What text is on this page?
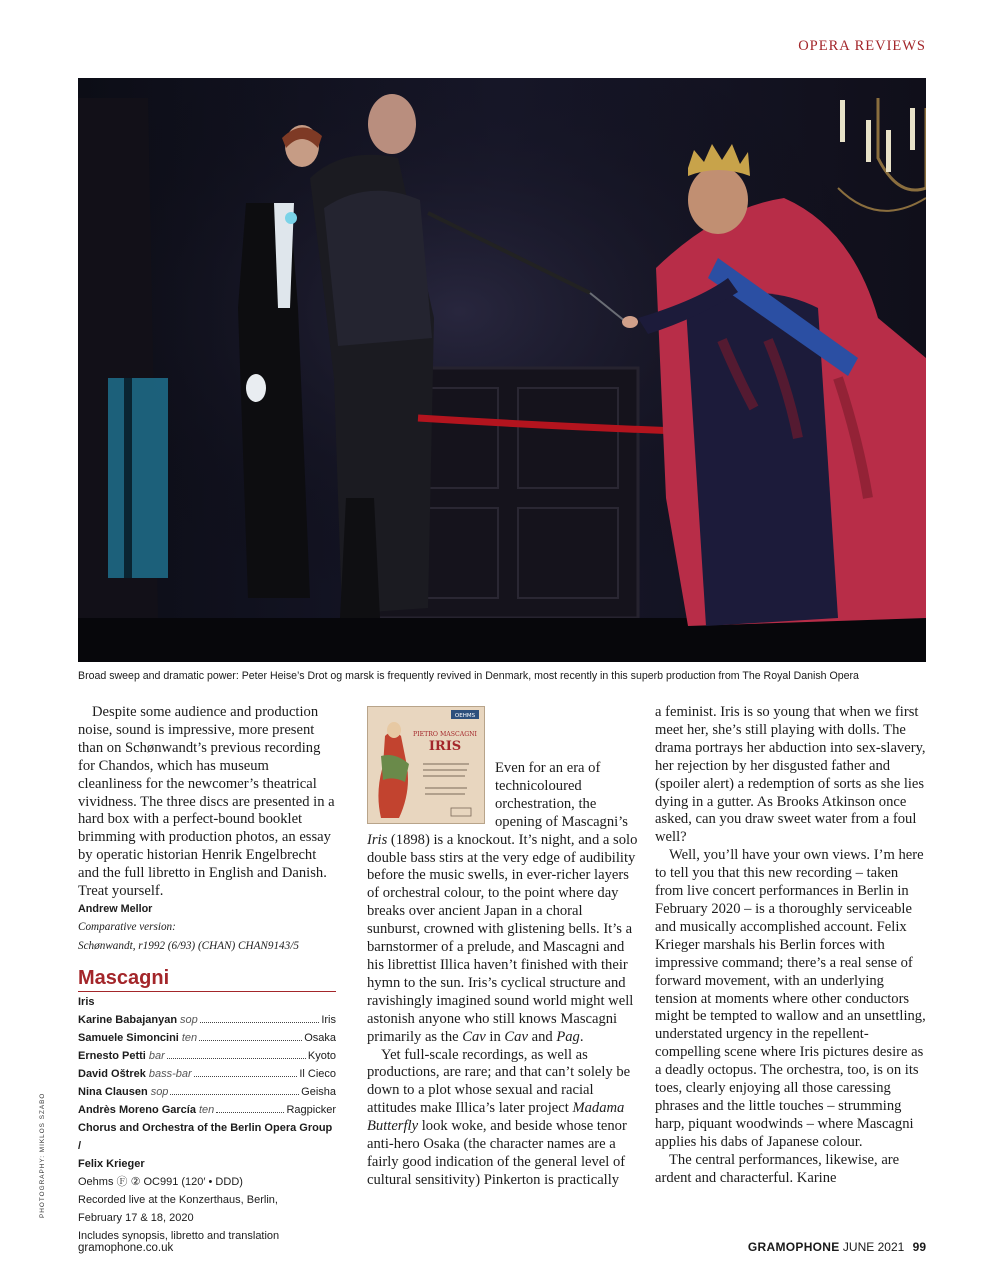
OPERA REVIEWS
Broad sweep and dramatic power: Peter Heise’s Drot og marsk is frequently revived in Denmark, most recently in this superb production from The Royal Danish Opera
PHOTOGRAPHY: MIKLOS SZABO

Despite some audience and production noise, sound is impressive, more present than on Schønwandt’s previous recording for Chandos, which has museum cleanliness for the newcomer’s theatrical vividness. The three discs are presented in a hard box with a perfect-bound booklet brimming with production photos, an essay by operatic historian Henrik Engelbrecht and the full libretto in English and Danish. Treat yourself.

Andrew Mellor
Comparative version:
Schønwandt, r1992 (6/93) (CHAN) CHAN9143/5
Mascagni
Iris
Karine Babajanyan sop	Iris
Samuele Simoncini ten	Osaka
Ernesto Petti bar	Kyoto
David Oštrek bass-bar	Il Cieco
Nina Clausen sop	Geisha
Andrès Moreno García ten	Ragpicker
Chorus and Orchestra of the Berlin Opera Group /
Felix Krieger
Oehms Ⓕ ② OC991 (120′ • DDD)
Recorded live at the Konzerthaus, Berlin,
February 17 & 18, 2020
Includes synopsis, libretto and translation
OEHMS
PIETRO MASCAGNI
IRIS

Even for an era of technicoloured orchestration, the opening of Mascagni’s Iris (1898) is a knockout. It’s night, and a solo double bass stirs at the very edge of audibility before the music swells, in ever-richer layers of orchestral colour, to the point where day breaks over ancient Japan in a choral sunburst, crowned with glistening bells. It’s a barnstormer of a prelude, and Mascagni and his librettist Illica haven’t finished with their hymn to the sun. Iris’s cyclical structure and ravishingly imagined sound world might well astonish anyone who still knows Mascagni primarily as the Cav in Cav and Pag.

Yet full-scale recordings, as well as productions, are rare; and that can’t solely be down to a plot whose sexual and racial attitudes make Illica’s later project Madama Butterfly look woke, and beside whose tenor anti-hero Osaka (the character names are a fairly good indication of the general level of cultural sensitivity) Pinkerton is practically

a feminist. Iris is so young that when we first meet her, she’s still playing with dolls. The drama portrays her abduction into sex-slavery, her rejection by her disgusted father and (spoiler alert) a redemption of sorts as she lies dying in a gutter. As Brooks Atkinson once asked, can you draw sweet water from a foul well?

Well, you’ll have your own views. I’m here to tell you that this new recording – taken from live concert performances in Berlin in February 2020 – is a thoroughly serviceable and musically accomplished account. Felix Krieger marshals his Berlin forces with impressive command; there’s a real sense of forward movement, with an underlying tension at moments where other conductors might be tempted to wallow and an unsettling, understated urgency in the repellent-compelling scene where Iris pictures desire as a deadly octopus. The orchestra, too, is on its toes, clearly enjoying all those caressing phrases and the little touches – strumming harp, piquant woodwinds – where Mascagni applies his dabs of Japanese colour.

The central performances, likewise, are ardent and characterful. Karine

gramophone.co.uk	GRAMOPHONE JUNE 2021 99
